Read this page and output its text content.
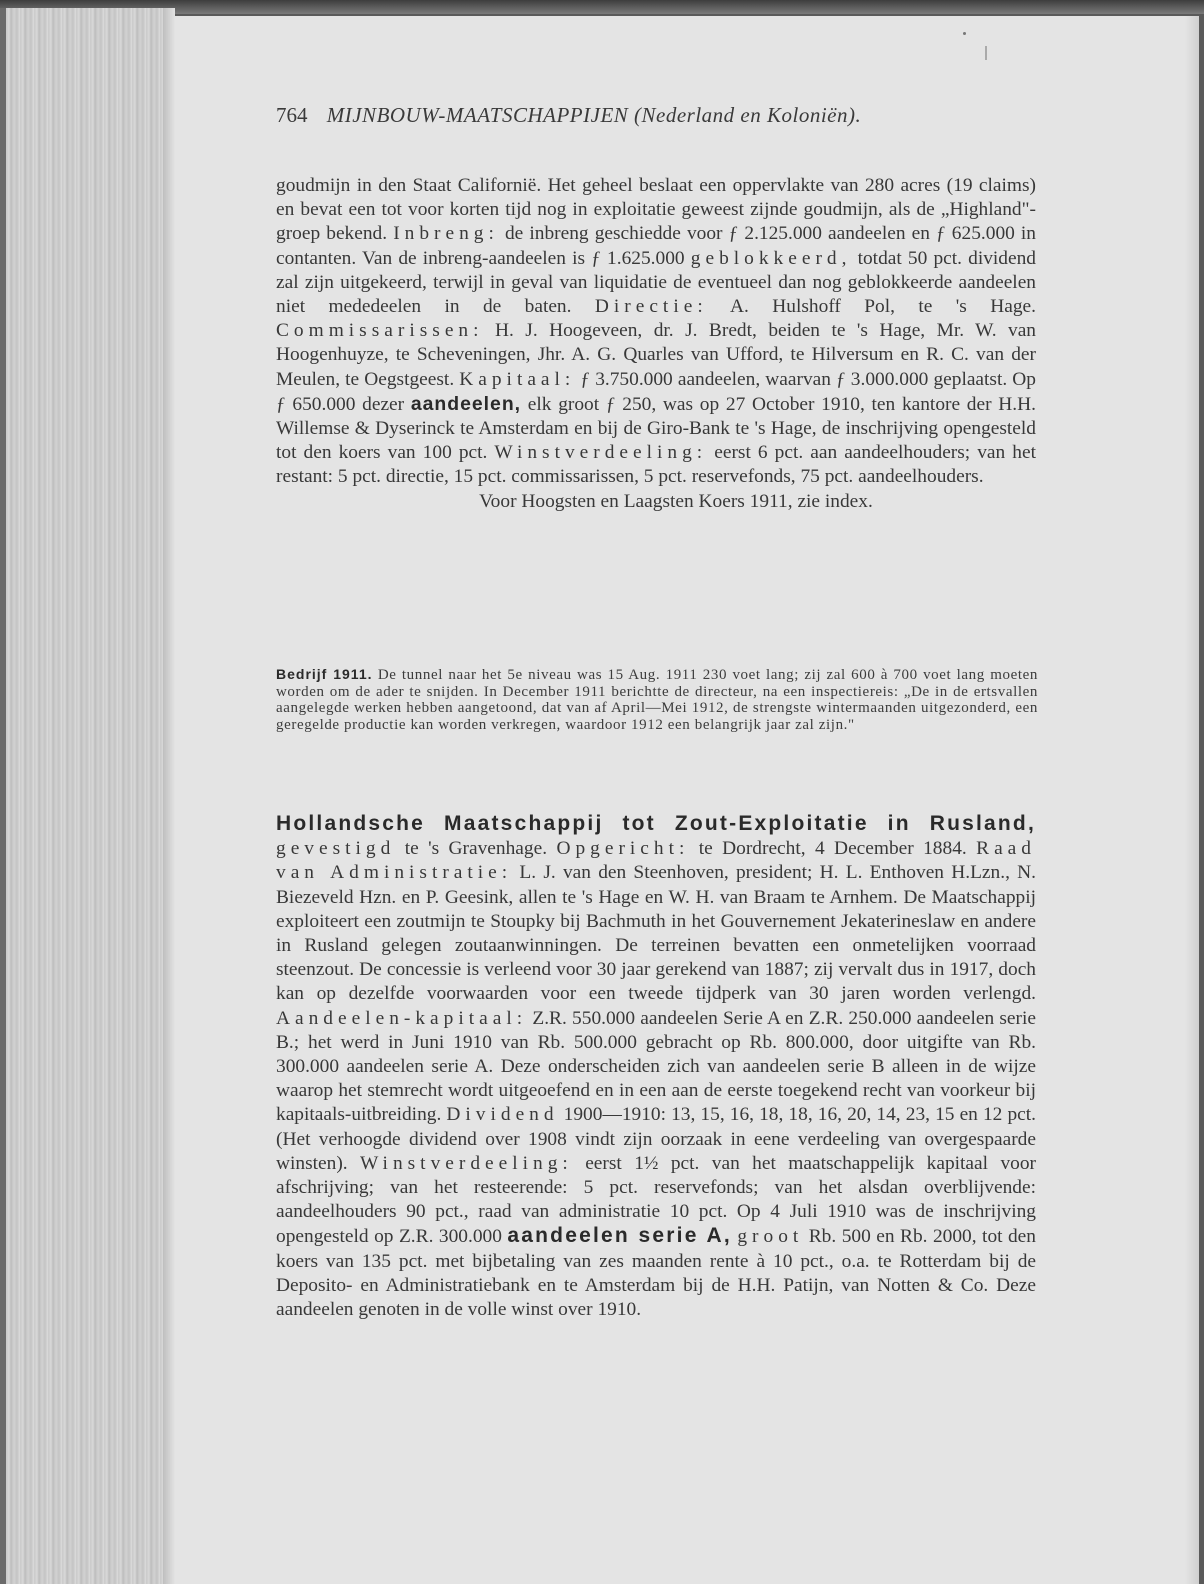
764 MIJNBOUW-MAATSCHAPPIJEN (Nederland en Koloniën).

goudmijn in den Staat Californië. Het geheel beslaat een oppervlakte van 280 acres (19 claims) en bevat een tot voor korten tijd nog in exploitatie geweest zijnde goudmijn, als de „Highland"-groep bekend. Inbreng: de inbreng geschiedde voor ƒ 2.125.000 aandeelen en ƒ 625.000 in contanten. Van de inbreng-aandeelen is ƒ 1.625.000 geblokkeerd, totdat 50 pct. dividend zal zijn uitgekeerd, terwijl in geval van liquidatie de eventueel dan nog geblokkeerde aandeelen niet mededeelen in de baten. Directie: A. Hulshoff Pol, te 's Hage. Commissarissen: H. J. Hoogeveen, dr. J. Bredt, beiden te 's Hage, Mr. W. van Hoogenhuyze, te Scheveningen, Jhr. A. G. Quarles van Ufford, te Hilversum en R. C. van der Meulen, te Oegstgeest. Kapitaal: ƒ 3.750.000 aandeelen, waarvan ƒ 3.000.000 geplaatst. Op ƒ 650.000 dezer aandeelen, elk groot ƒ 250, was op 27 October 1910, ten kantore der H.H. Willemse & Dyserinck te Amsterdam en bij de Giro-Bank te 's Hage, de inschrijving opengesteld tot den koers van 100 pct. Winstverdeeling: eerst 6 pct. aan aandeelhouders; van het restant: 5 pct. directie, 15 pct. commissarissen, 5 pct. reservefonds, 75 pct. aandeelhouders.

Voor Hoogsten en Laagsten Koers 1911, zie index.

Bedrijf 1911. De tunnel naar het 5e niveau was 15 Aug. 1911 230 voet lang; zij zal 600 à 700 voet lang moeten worden om de ader te snijden. In December 1911 berichtte de directeur, na een inspectiereis: „De in de ertsvallen aangelegde werken hebben aangetoond, dat van af April—Mei 1912, de strengste wintermaanden uitgezonderd, een geregelde productie kan worden verkregen, waardoor 1912 een belangrijk jaar zal zijn."

Hollandsche Maatschappij tot Zout-Exploitatie in Rusland, gevestigd te 's Gravenhage. Opgericht: te Dordrecht, 4 December 1884. Raad van Administratie: L. J. van den Steenhoven, president; H. L. Enthoven H.Lzn., N. Biezeveld Hzn. en P. Geesink, allen te 's Hage en W. H. van Braam te Arnhem. De Maatschappij exploiteert een zoutmijn te Stoupky bij Bachmuth in het Gouvernement Jekaterineslaw en andere in Rusland gelegen zoutaanwinningen. De terreinen bevatten een onmetelijken voorraad steenzout. De concessie is verleend voor 30 jaar gerekend van 1887; zij vervalt dus in 1917, doch kan op dezelfde voorwaarden voor een tweede tijdperk van 30 jaren worden verlengd. Aandeelen-kapitaal: Z.R. 550.000 aandeelen Serie A en Z.R. 250.000 aandeelen serie B.; het werd in Juni 1910 van Rb. 500.000 gebracht op Rb. 800.000, door uitgifte van Rb. 300.000 aandeelen serie A. Deze onderscheiden zich van aandeelen serie B alleen in de wijze waarop het stemrecht wordt uitgeoefend en in een aan de eerste toegekend recht van voorkeur bij kapitaals-uitbreiding. Dividend 1900—1910: 13, 15, 16, 18, 18, 16, 20, 14, 23, 15 en 12 pct. (Het verhoogde dividend over 1908 vindt zijn oorzaak in eene verdeeling van overgespaarde winsten). Winstverdeeling: eerst 1½ pct. van het maatschappelijk kapitaal voor afschrijving; van het resteerende: 5 pct. reservefonds; van het alsdan overblijvende: aandeelhouders 90 pct., raad van administratie 10 pct. Op 4 Juli 1910 was de inschrijving opengesteld op Z.R. 300.000 aandeelen serie A, groot Rb. 500 en Rb. 2000, tot den koers van 135 pct. met bijbetaling van zes maanden rente à 10 pct., o.a. te Rotterdam bij de Deposito- en Administratiebank en te Amsterdam bij de H.H. Patijn, van Notten & Co. Deze aandeelen genoten in de volle winst over 1910.
